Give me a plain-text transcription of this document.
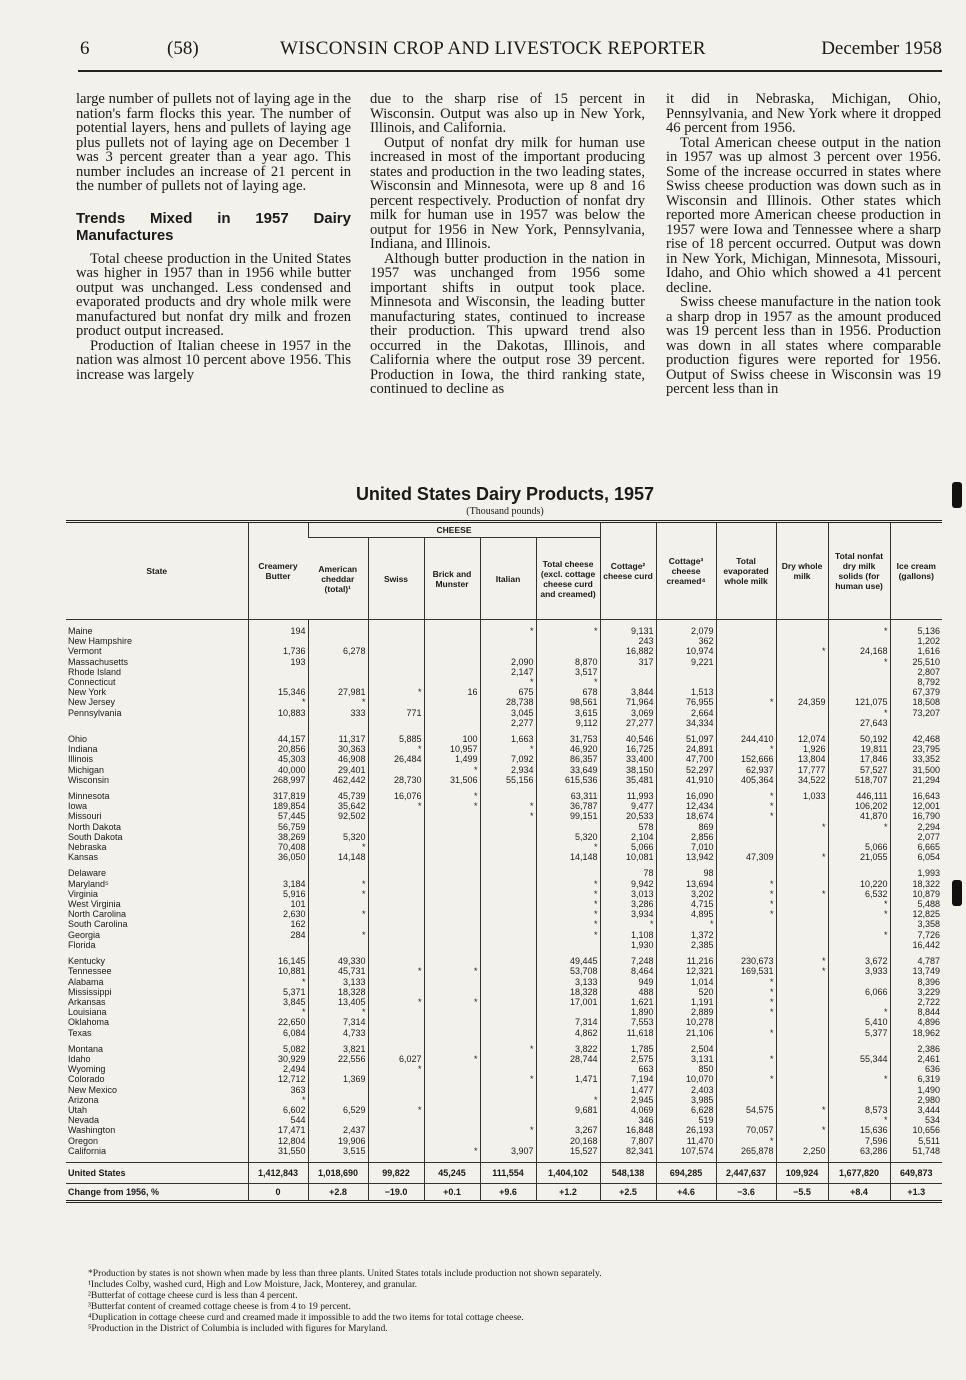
6	(58)	WISCONSIN CROP AND LIVESTOCK REPORTER	December 1958

large number of pullets not of laying age in the nation's farm flocks this year. The number of potential layers, hens and pullets of laying age plus pullets not of laying age on December 1 was 3 percent greater than a year ago. This number includes an increase of 21 percent in the number of pullets not of laying age.

Trends Mixed in 1957 Dairy Manufactures

Total cheese production in the United States was higher in 1957 than in 1956 while butter output was unchanged. Less condensed and evaporated products and dry whole milk were manufactured but nonfat dry milk and frozen product output increased.

Production of Italian cheese in 1957 in the nation was almost 10 percent above 1956. This increase was largely

due to the sharp rise of 15 percent in Wisconsin. Output was also up in New York, Illinois, and California.

Output of nonfat dry milk for human use increased in most of the important producing states and production in the two leading states, Wisconsin and Minnesota, were up 8 and 16 percent respectively. Production of nonfat dry milk for human use in 1957 was below the output for 1956 in New York, Pennsylvania, Indiana, and Illinois.

Although butter production in the nation in 1957 was unchanged from 1956 some important shifts in output took place. Minnesota and Wisconsin, the leading butter manufacturing states, continued to increase their production. This upward trend also occurred in the Dakotas, Illinois, and California where the output rose 39 percent. Production in Iowa, the third ranking state, continued to decline as

it did in Nebraska, Michigan, Ohio, Pennsylvania, and New York where it dropped 46 percent from 1956.

Total American cheese output in the nation in 1957 was up almost 3 percent over 1956. Some of the increase occurred in states where Swiss cheese production was down such as in Wisconsin and Illinois. Other states which reported more American cheese production in 1957 were Iowa and Tennessee where a sharp rise of 18 percent occurred. Output was down in New York, Michigan, Minnesota, Missouri, Idaho, and Ohio which showed a 41 percent decline.

Swiss cheese manufacture in the nation took a sharp drop in 1957 as the amount produced was 19 percent less than in 1956. Production was down in all states where comparable production figures were reported for 1956. Output of Swiss cheese in Wisconsin was 19 percent less than in

United States Dairy Products, 1957
(Thousand pounds)
State	Creamery Butter	CHEESE					Cottage² cheese curd	Cottage³ cheese creamed⁴	Total evaporated whole milk	Dry whole milk	Total nonfat dry milk solids (for human use)	Ice cream (gallons)
		American cheddar (total)¹	Swiss	Brick and Munster	Italian	Total cheese (excl. cottage cheese curd and creamed)						

Maine	194				*	*	9,131	2,079			*	5,136
New Hampshire							243	362				1,202
Vermont	1,736	6,278					16,882	10,974		*	24,168	1,616
Massachusetts	193				2,090	8,870	317	9,221			*	25,510
Rhode Island					2,147	3,517						2,807
Connecticut					*	*						8,792
New York	15,346	27,981	*	16	675	678	3,844	1,513				67,379
New Jersey	*	*			28,738	98,561	71,964	76,955	*	24,359	121,075	18,508
Pennsylvania	10,883	333	771		3,045	3,615	3,069	2,664			*	73,207
					2,277	9,112	27,277	34,334			27,643	

Ohio	44,157	11,317	5,885	100	1,663	31,753	40,546	51,097	244,410	12,074	50,192	42,468
Indiana	20,856	30,363	*	10,957	*	46,920	16,725	24,891	*	1,926	19,811	23,795
Illinois	45,303	46,908	26,484	1,499	7,092	86,357	33,400	47,700	152,666	13,804	17,846	33,352
Michigan	40,000	29,401		*	2,934	33,649	38,150	52,297	62,937	17,777	57,527	31,500
Wisconsin	268,997	462,442	28,730	31,506	55,156	615,536	35,481	41,910	405,364	34,522	518,707	21,294

Minnesota	317,819	45,739	16,076	*		63,311	11,993	16,090	*	1,033	446,111	16,643
Iowa	189,854	35,642	*	*	*	36,787	9,477	12,434	*		106,202	12,001
Missouri	57,445	92,502			*	99,151	20,533	18,674	*		41,870	16,790
North Dakota	56,759						578	869		*	*	2,294
South Dakota	38,269	5,320				5,320	2,104	2,856				2,077
Nebraska	70,408	*				*	5,066	7,010			5,066	6,665
Kansas	36,050	14,148				14,148	10,081	13,942	47,309	*	21,055	6,054

Delaware							78	98				1,993
Maryland⁵	3,184	*				*	9,942	13,694	*		10,220	18,322
Virginia	5,916	*				*	3,013	3,202	*	*	6,532	10,879
West Virginia	101					*	3,286	4,715	*		*	5,488
North Carolina	2,630	*				*	3,934	4,895	*		*	12,825
South Carolina	162					*	*	*				3,358
Georgia	284	*				*	1,108	1,372			*	7,726
Florida							1,930	2,385				16,442

Kentucky	16,145	49,330				49,445	7,248	11,216	230,673	*	3,672	4,787
Tennessee	10,881	45,731	*	*		53,708	8,464	12,321	169,531	*	3,933	13,749
Alabama	*	3,133				3,133	949	1,014	*			8,396
Mississippi	5,371	18,328				18,328	488	520	*		6,066	3,229
Arkansas	3,845	13,405	*	*		17,001	1,621	1,191	*			2,722
Louisiana	*	*					1,890	2,889	*		*	8,844
Oklahoma	22,650	7,314				7,314	7,553	10,278			5,410	4,896
Texas	6,084	4,733				4,862	11,618	21,106	*		5,377	18,962

Montana	5,082	3,821			*	3,822	1,785	2,504				2,386
Idaho	30,929	22,556	6,027	*		28,744	2,575	3,131	*		55,344	2,461
Wyoming	2,494		*				663	850				636
Colorado	12,712	1,369			*	1,471	7,194	10,070	*		*	6,319
New Mexico	363						1,477	2,403				1,490
Arizona	*					*	2,945	3,985				2,980
Utah	6,602	6,529	*			9,681	4,069	6,628	54,575	*	8,573	3,444
Nevada	544						346	519			*	534
Washington	17,471	2,437			*	3,267	16,848	26,193	70,057	*	15,636	10,656
Oregon	12,804	19,906				20,168	7,807	11,470	*		7,596	5,511
California	31,550	3,515		*	3,907	15,527	82,341	107,574	265,878	2,250	63,286	51,748

United States	1,412,843	1,018,690	99,822	45,245	111,554	1,404,102	548,138	694,285	2,447,637	109,924	1,677,820	649,873
Change from 1956, %	0	+2.8	−19.0	+0.1	+9.6	+1.2	+2.5	+4.6	−3.6	−5.5	+8.4	+1.3
*Production by states is not shown when made by less than three plants. United States totals include production not shown separately.
¹Includes Colby, washed curd, High and Low Moisture, Jack, Monterey, and granular.
²Butterfat of cottage cheese curd is less than 4 percent.
³Butterfat content of creamed cottage cheese is from 4 to 19 percent.
⁴Duplication in cottage cheese curd and creamed made it impossible to add the two items for total cottage cheese.
⁵Production in the District of Columbia is included with figures for Maryland.
